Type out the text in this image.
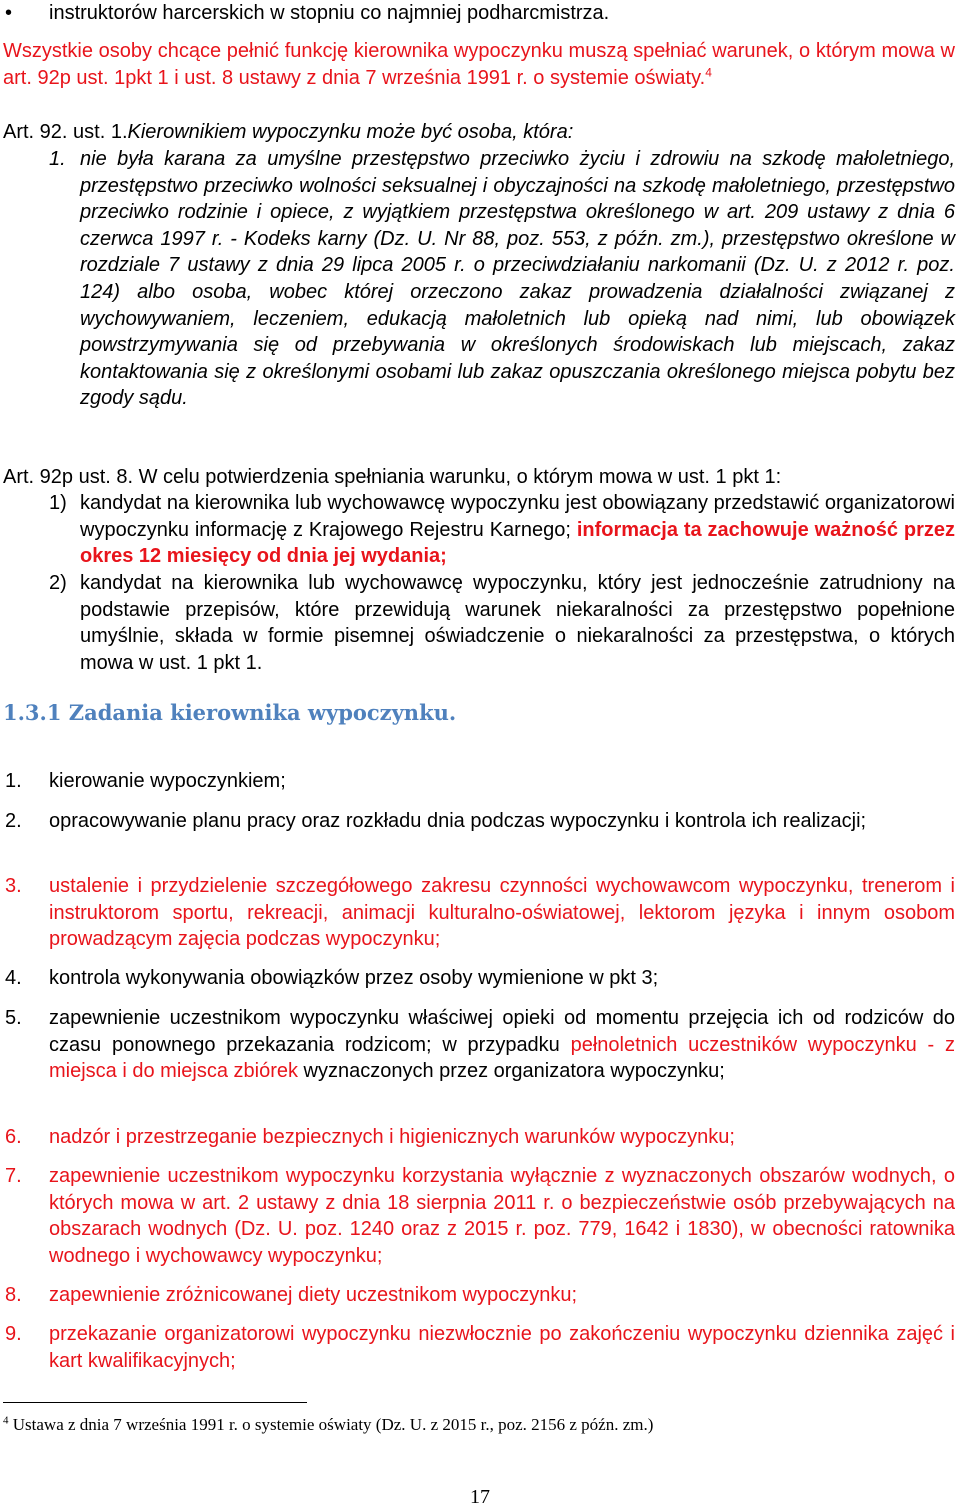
• instruktorów harcerskich w stopniu co najmniej podharcmistrza.

Wszystkie osoby chcące pełnić funkcję kierownika wypoczynku muszą spełniać warunek, o którym mowa w art. 92p ust. 1pkt 1 i ust. 8 ustawy z dnia 7 września 1991 r. o systemie oświaty.$^4$

Art. 92. ust. 1.Kierownikiem wypoczynku może być osoba, która:

1. nie była karana za umyślne przestępstwo przeciwko życiu i zdrowiu na szkodę małoletniego, przestępstwo przeciwko wolności seksualnej i obyczajności na szkodę małoletniego, przestępstwo przeciwko rodzinie i opiece, z wyjątkiem przestępstwa określonego w art. 209 ustawy z dnia 6 czerwca 1997 r. - Kodeks karny (Dz. U. Nr 88, poz. 553, z późn. zm.), przestępstwo określone w rozdziale 7 ustawy z dnia 29 lipca 2005 r. o przeciwdziałaniu narkomanii (Dz. U. z 2012 r. poz. 124) albo osoba, wobec której orzeczono zakaz prowadzenia działalności związanej z wychowywaniem, leczeniem, edukacją małoletnich lub opieką nad nimi, lub obowiązek powstrzymywania się od przebywania w określonych środowiskach lub miejscach, zakaz kontaktowania się z określonymi osobami lub zakaz opuszczania określonego miejsca pobytu bez zgody sądu.

Art. 92p ust. 8. W celu potwierdzenia spełniania warunku, o którym mowa w ust. 1 pkt 1:

1) kandydat na kierownika lub wychowawcę wypoczynku jest obowiązany przedstawić organizatorowi wypoczynku informację z Krajowego Rejestru Karnego; informacja ta zachowuje ważność przez okres 12 miesięcy od dnia jej wydania;

2) kandydat na kierownika lub wychowawcę wypoczynku, który jest jednocześnie zatrudniony na podstawie przepisów, które przewidują warunek niekaralności za przestępstwo popełnione umyślnie, składa w formie pisemnej oświadczenie o niekaralności za przestępstwa, o których mowa w ust. 1 pkt 1.

1.3.1 Zadania kierownika wypoczynku.
1. kierowanie wypoczynkiem;

2. opracowywanie planu pracy oraz rozkładu dnia podczas wypoczynku i kontrola ich realizacji;

3. ustalenie i przydzielenie szczegółowego zakresu czynności wychowawcom wypoczynku, trenerom i instruktorom sportu, rekreacji, animacji kulturalno-oświatowej, lektorom języka i innym osobom prowadzącym zajęcia podczas wypoczynku;

4. kontrola wykonywania obowiązków przez osoby wymienione w pkt 3;

5. zapewnienie uczestnikom wypoczynku właściwej opieki od momentu przejęcia ich od rodziców do czasu ponownego przekazania rodzicom; w przypadku pełnoletnich uczestników wypoczynku - z miejsca i do miejsca zbiórek wyznaczonych przez organizatora wypoczynku;

6. nadzór i przestrzeganie bezpiecznych i higienicznych warunków wypoczynku;

7. zapewnienie uczestnikom wypoczynku korzystania wyłącznie z wyznaczonych obszarów wodnych, o których mowa w art. 2 ustawy z dnia 18 sierpnia 2011 r. o bezpieczeństwie osób przebywających na obszarach wodnych (Dz. U. poz. 1240 oraz z 2015 r. poz. 779, 1642 i 1830), w obecności ratownika wodnego i wychowawcy wypoczynku;

8. zapewnienie zróżnicowanej diety uczestnikom wypoczynku;

9. przekazanie organizatorowi wypoczynku niezwłocznie po zakończeniu wypoczynku dziennika zajęć i kart kwalifikacyjnych;

$^4$ Ustawa z dnia 7 września 1991 r. o systemie oświaty (Dz. U. z 2015 r., poz. 2156 z późn. zm.)
17
